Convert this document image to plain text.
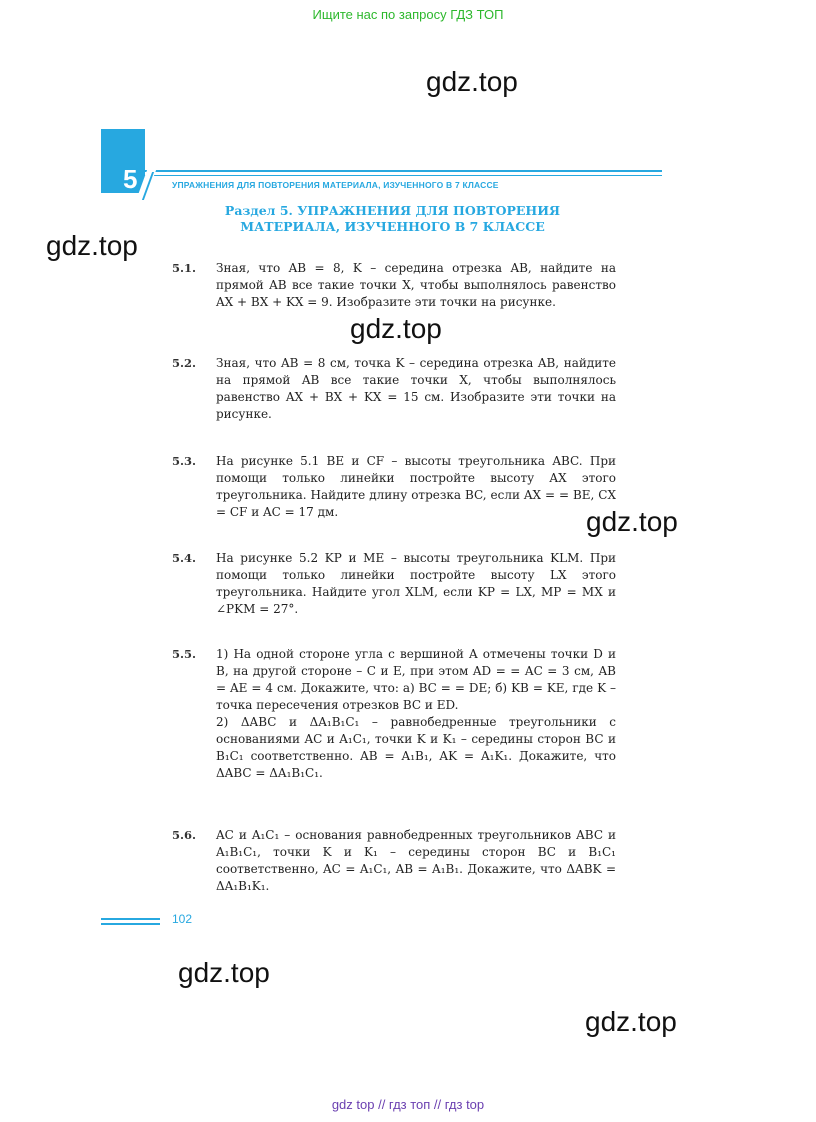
Ищите нас по запросу ГДЗ ТОП
gdz.top
gdz.top
gdz.top
gdz.top
gdz.top
gdz.top
5	УПРАЖНЕНИЯ ДЛЯ ПОВТОРЕНИЯ МАТЕРИАЛА, ИЗУЧЕННОГО В 7 КЛАССЕ
Раздел 5. УПРАЖНЕНИЯ ДЛЯ ПОВТОРЕНИЯ
МАТЕРИАЛА, ИЗУЧЕННОГО В 7 КЛАССЕ
5.1. Зная, что AB = 8, K – середина отрезка AB, найдите на прямой AB все такие точки X, чтобы выполнялось равенство AX + BX + KX = 9. Изобразите эти точки на рисунке.

5.2. Зная, что AB = 8 см, точка K – середина отрезка AB, найдите на прямой AB все такие точки X, чтобы выполнялось равенство AX + BX + KX = 15 см. Изобразите эти точки на рисунке.

5.3. На рисунке 5.1 BE и CF – высоты треугольника ABC. При помощи только линейки постройте высоту AX этого треугольника. Найдите длину отрезка BC, если AX = = BE, CX = CF и AC = 17 дм.

5.4. На рисунке 5.2 KP и ME – высоты треугольника KLM. При помощи только линейки постройте высоту LX этого треугольника. Найдите угол XLM, если KP = LX, MP = MX и ∠PKM = 27°.

5.5. 1) На одной стороне угла с вершиной A отмечены точки D и B, на другой стороне – C и E, при этом AD = = AC = 3 см, AB = AE = 4 см. Докажите, что: а) BC = = DE; б) KB = KE, где K – точка пересечения отрезков BC и ED.

2) ΔABC и ΔA₁B₁C₁ – равнобедренные треугольники с основаниями AC и A₁C₁, точки K и K₁ – середины сторон BC и B₁C₁ соответственно. AB = A₁B₁, AK = A₁K₁. Докажите, что ΔABC = ΔA₁B₁C₁.

5.6. AC и A₁C₁ – основания равнобедренных треугольников ABC и A₁B₁C₁, точки K и K₁ – середины сторон BC и B₁C₁ соответственно, AC = A₁C₁, AB = A₁B₁. Докажите, что ΔABK = ΔA₁B₁K₁.

102
gdz top // гдз топ // гдз top
